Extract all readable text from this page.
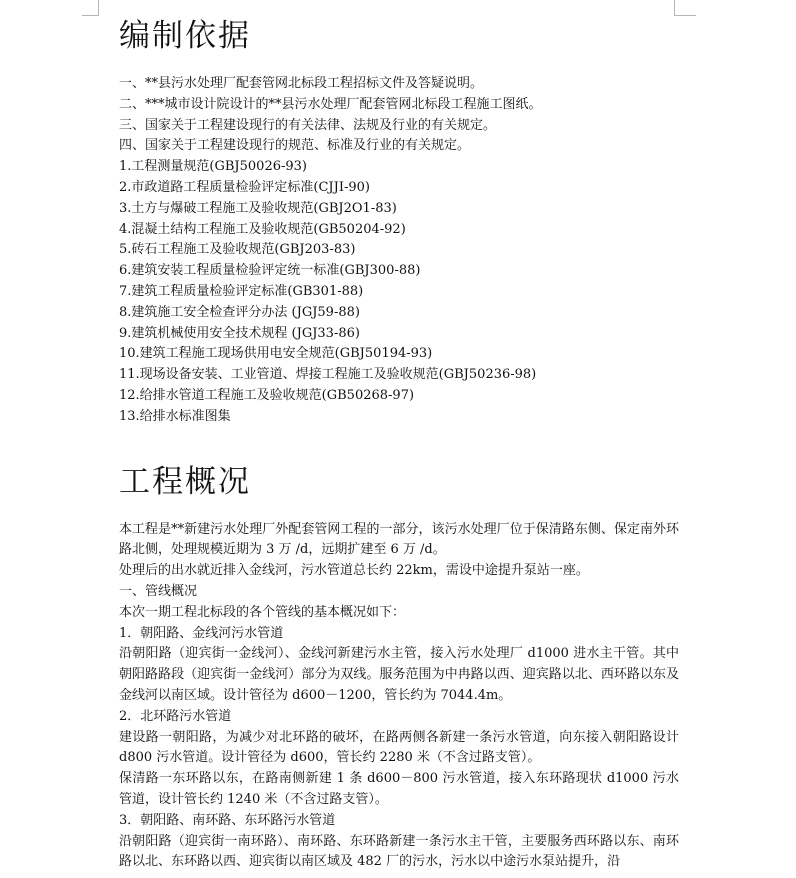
编制依据
一、**县污水处理厂配套管网北标段工程招标文件及答疑说明。
二、***城市设计院设计的**县污水处理厂配套管网北标段工程施工图纸。
三、国家关于工程建设现行的有关法律、法规及行业的有关规定。
四、国家关于工程建设现行的规范、标准及行业的有关规定。
1.工程测量规范(GBJ50026-93)
2.市政道路工程质量检验评定标准(CJJI-90)
3.土方与爆破工程施工及验收规范(GBJ2O1-83)
4.混凝土结构工程施工及验收规范(GB50204-92)
5.砖石工程施工及验收规范(GBJ203-83)
6.建筑安装工程质量检验评定统一标准(GBJ300-88)
7.建筑工程质量检验评定标准(GB301-88)
8.建筑施工安全检查评分办法 (JGJ59-88)
9.建筑机械使用安全技术规程 (JGJ33-86)
10.建筑工程施工现场供用电安全规范(GBJ50194-93)
11.现场设备安装、工业管道、焊接工程施工及验收规范(GBJ50236-98)
12.给排水管道工程施工及验收规范(GB50268-97)
13.给排水标准图集
工程概况

本工程是**新建污水处理厂外配套管网工程的一部分，该污水处理厂位于保清路东侧、保定南外环路北侧，处理规模近期为 3 万 /d，远期扩建至 6 万 /d。

处理后的出水就近排入金线河，污水管道总长约 22km，需设中途提升泵站一座。

一、管线概况

本次一期工程北标段的各个管线的基本概况如下：

1．朝阳路、金线河污水管道

沿朝阳路（迎宾街一金线河）、金线河新建污水主管，接入污水处理厂 d1000 进水主干管。其中朝阳路路段（迎宾街一金线河）部分为双线。服务范围为中冉路以西、迎宾路以北、西环路以东及金线河以南区域。设计管径为 d600－1200，管长约为 7044.4m。

2．北环路污水管道

建设路一朝阳路，为减少对北环路的破坏，在路两侧各新建一条污水管道，向东接入朝阳路设计 d800 污水管道。设计管径为 d600，管长约 2280 米（不含过路支管）。

保清路一东环路以东，在路南侧新建 1 条 d600－800 污水管道，接入东环路现状 d1000 污水管道，设计管长约 1240 米（不含过路支管）。

3．朝阳路、南环路、东环路污水管道

沿朝阳路（迎宾街一南环路）、南环路、东环路新建一条污水主干管，主要服务西环路以东、南环路以北、东环路以西、迎宾街以南区域及 482 厂的污水，污水以中途污水泵站提升，沿
